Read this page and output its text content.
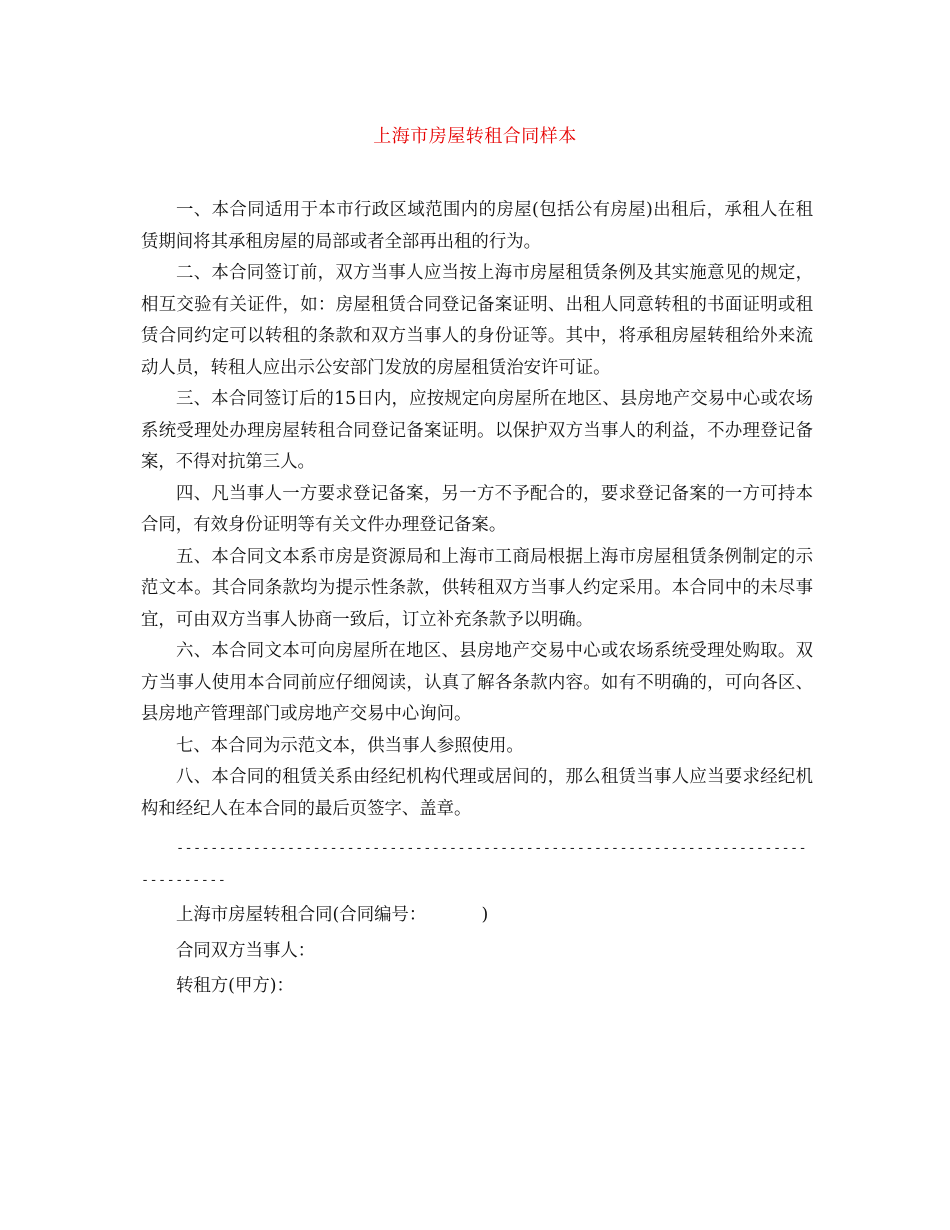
上海市房屋转租合同样本

一、本合同适用于本市行政区域范围内的房屋(包括公有房屋)出租后，承租人在租赁期间将其承租房屋的局部或者全部再出租的行为。

二、本合同签订前，双方当事人应当按上海市房屋租赁条例及其实施意见的规定，相互交验有关证件，如：房屋租赁合同登记备案证明、出租人同意转租的书面证明或租赁合同约定可以转租的条款和双方当事人的身份证等。其中，将承租房屋转租给外来流动人员，转租人应出示公安部门发放的房屋租赁治安许可证。

三、本合同签订后的15日内，应按规定向房屋所在地区、县房地产交易中心或农场系统受理处办理房屋转租合同登记备案证明。以保护双方当事人的利益，不办理登记备案，不得对抗第三人。

四、凡当事人一方要求登记备案，另一方不予配合的，要求登记备案的一方可持本合同，有效身份证明等有关文件办理登记备案。

五、本合同文本系市房是资源局和上海市工商局根据上海市房屋租赁条例制定的示范文本。其合同条款均为提示性条款，供转租双方当事人约定采用。本合同中的未尽事宜，可由双方当事人协商一致后，订立补充条款予以明确。

六、本合同文本可向房屋所在地区、县房地产交易中心或农场系统受理处购取。双方当事人使用本合同前应仔细阅读，认真了解各条款内容。如有不明确的，可向各区、县房地产管理部门或房地产交易中心询问。

七、本合同为示范文本，供当事人参照使用。

八、本合同的租赁关系由经纪机构代理或居间的，那么租赁当事人应当要求经纪机构和经纪人在本合同的最后页签字、盖章。

------------------------------------------------------------------------------------

上海市房屋转租合同(合同编号：          )

合同双方当事人：

转租方(甲方)：
